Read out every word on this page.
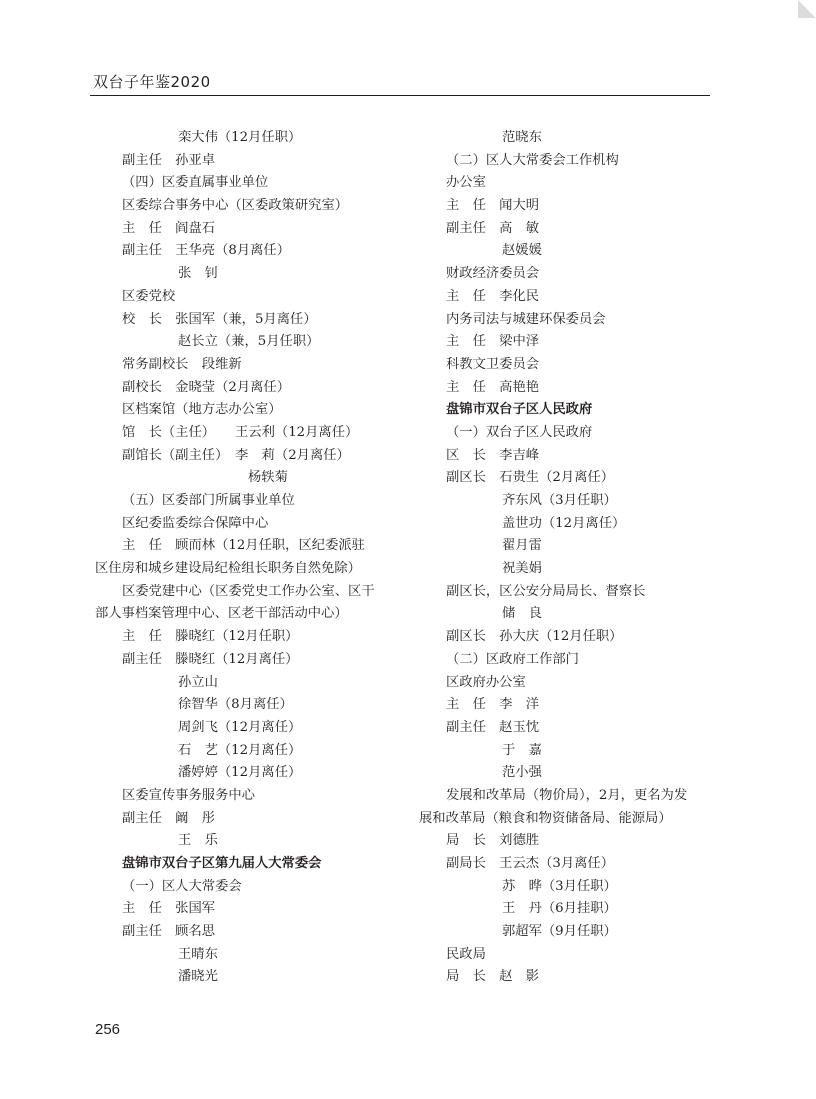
双台子年鉴2020
栾大伟（12月任职）
副主任　孙亚卓
（四）区委直属事业单位
区委综合事务中心（区委政策研究室）
主　任　阎盘石
副主任　王华亮（8月离任）
张　钊
区委党校
校　长　张国军（兼，5月离任）
赵长立（兼，5月任职）
常务副校长　段维新
副校长　金晓莹（2月离任）
区档案馆（地方志办公室）
馆　长（主任）　　王云利（12月离任）
副馆长（副主任）　李　莉（2月离任）
杨轶菊
（五）区委部门所属事业单位
区纪委监委综合保障中心
主　任　顾而林（12月任职，区纪委派驻
区住房和城乡建设局纪检组长职务自然免除）
区委党建中心（区委党史工作办公室、区干
部人事档案管理中心、区老干部活动中心）
主　任　滕晓红（12月任职）
副主任　滕晓红（12月离任）
孙立山
徐智华（8月离任）
周剑飞（12月离任）
石　艺（12月离任）
潘婷婷（12月离任）
区委宣传事务服务中心
副主任　阚　彤
王　乐
盘锦市双台子区第九届人大常委会
（一）区人大常委会
主　任　张国军
副主任　顾名思
王晴东
潘晓光
范晓东
（二）区人大常委会工作机构
办公室
主　任　闻大明
副主任　高　敏
赵媛媛
财政经济委员会
主　任　李化民
内务司法与城建环保委员会
主　任　梁中泽
科教文卫委员会
主　任　高艳艳
盘锦市双台子区人民政府
（一）双台子区人民政府
区　长　李吉峰
副区长　石贵生（2月离任）
齐东风（3月任职）
盖世功（12月离任）
翟月雷
祝美娟
副区长，区公安分局局长、督察长
储　良
副区长　孙大庆（12月任职）
（二）区政府工作部门
区政府办公室
主　任　李　洋
副主任　赵玉忱
于　嘉
范小强
发展和改革局（物价局），2月，更名为发
展和改革局（粮食和物资储备局、能源局）
局　长　刘德胜
副局长　王云杰（3月离任）
苏　晔（3月任职）
王　丹（6月挂职）
郭超军（9月任职）
民政局
局　长　赵　影
256
